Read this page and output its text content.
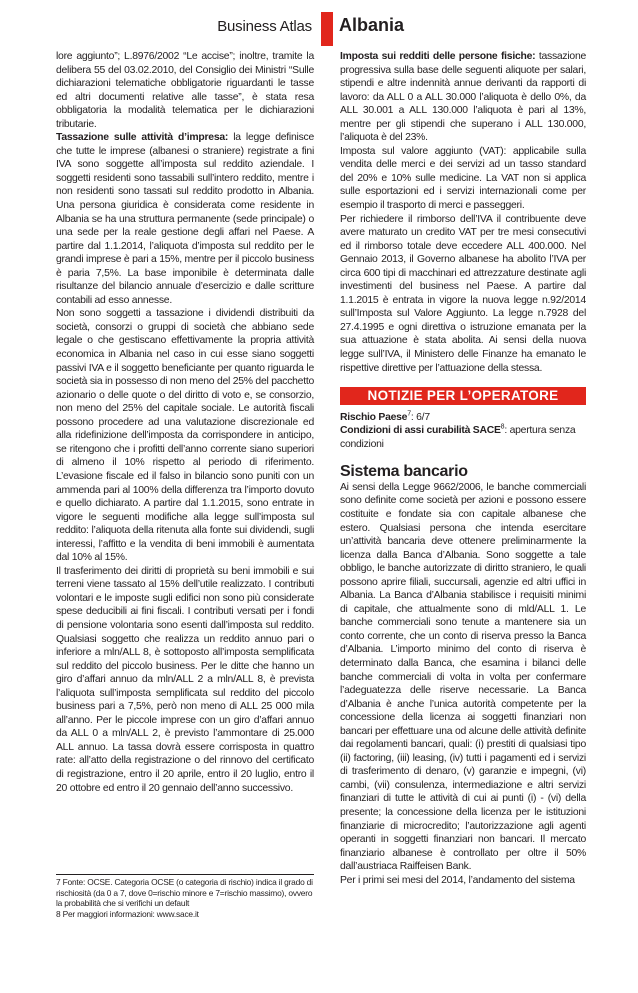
Business Atlas Albania

lore aggiunto”; L.8976/2002 “Le accise”; inoltre, tramite la delibera 55 del 03.02.2010, del Consiglio dei Ministri “Sulle dichiarazioni telematiche obbligatorie riguardanti le tasse ed altri documenti relative alle tasse”, è stata resa obbligatoria la modalità telematica per le dichiarazioni tributarie.

Tassazione sulle attività d’impresa: la legge definisce che tutte le imprese (albanesi o straniere) registrate a fini IVA sono soggette all’imposta sul reddito aziendale. I soggetti residenti sono tassabili sull’intero reddito, mentre i non residenti sono tassati sul reddito prodotto in Albania. Una persona giuridica è considerata come residente in Albania se ha una struttura permanente (sede principale) o una sede per la reale gestione degli affari nel Paese. A partire dal 1.1.2014, l’aliquota d’imposta sul reddito per le grandi imprese è pari a 15%, mentre per il piccolo business è paria 7,5%. La base imponibile è determinata dalle risultanze del bilancio annuale d’esercizio e dalle scritture contabili ad esso annesse.

Non sono soggetti a tassazione i dividendi distribuiti da società, consorzi o gruppi di società che abbiano sede legale o che gestiscano effettivamente la propria attività economica in Albania nel caso in cui esse siano soggetti passivi IVA e il soggetto beneficiante per quanto riguarda le società sia in possesso di non meno del 25% del pacchetto azionario o delle quote o del diritto di voto e, se consorzio, non meno del 25% del capitale sociale. Le autorità fiscali possono procedere ad una valutazione discrezionale ed alla ridefinizione dell’imposta da corrispondere in anticipo, se ritengono che i profitti dell’anno corrente siano superiori di almeno il 10% rispetto al periodo di riferimento. L’evasione fiscale ed il falso in bilancio sono puniti con un ammenda pari al 100% della differenza tra l’importo dovuto e quello dichiarato. A partire dal 1.1.2015, sono entrate in vigore le seguenti modifiche alla legge sull’imposta sul reddito: l’aliquota della ritenuta alla fonte sui dividendi, sugli interessi, l’affitto e la vendita di beni immobili è aumentata dal 10% al 15%.

Il trasferimento dei diritti di proprietà su beni immobili e sui terreni viene tassato al 15% dell’utile realizzato. I contributi volontari e le imposte sugli edifici non sono più considerate spese deducibili ai fini fiscali. I contributi versati per i fondi di pensione volontaria sono esenti dall’imposta sul reddito. Qualsiasi soggetto che realizza un reddito annuo pari o inferiore a mln/ALL 8, è sottoposto all’imposta semplificata sul reddito del piccolo business. Per le ditte che hanno un giro d’affari annuo da mln/ALL 2 a mln/ALL 8, è prevista l’aliquota sull’imposta semplificata sul reddito del piccolo business pari a 7,5%, però non meno di ALL 25 000 mila all’anno. Per le piccole imprese con un giro d’affari annuo da ALL 0 a mln/ALL 2, è previsto l’ammontare di 25.000 ALL annuo. La tassa dovrà essere corrisposta in quattro rate: all’atto della registrazione o del rinnovo del certificato di registrazione, entro il 20 aprile, entro il 20 luglio, entro il 20 ottobre ed entro il 20 gennaio dell’anno successivo.

7 Fonte: OCSE. Categoria OCSE (o categoria di rischio) indica il grado di rischiosità (da 0 a 7, dove 0=rischio minore e 7=rischio massimo), ovvero la probabilità che si verifichi un default

8 Per maggiori informazioni: www.sace.it

Imposta sui redditi delle persone fisiche: tassazione progressiva sulla base delle seguenti aliquote per salari, stipendi e altre indennità annue derivanti da rapporti di lavoro: da ALL 0 a ALL 30.000 l’aliquota è dello 0%, da ALL 30.001 a ALL 130.000 l’aliquota è pari al 13%, mentre per gli stipendi che superano i ALL 130.000, l’aliquota è del 23%.

Imposta sul valore aggiunto (VAT): applicabile sulla vendita delle merci e dei servizi ad un tasso standard del 20% e 10% sulle medicine. La VAT non si applica sulle esportazioni ed i servizi internazionali come per esempio il trasporto di merci e passeggeri.

Per richiedere il rimborso dell’IVA il contribuente deve avere maturato un credito VAT per tre mesi consecutivi ed il rimborso totale deve eccedere ALL 400.000. Nel Gennaio 2013, il Governo albanese ha abolito l’IVA per circa 600 tipi di macchinari ed attrezzature destinate agli investimenti del business nel Paese. A partire dal 1.1.2015 è entrata in vigore la nuova legge n.92/2014 sull’Imposta sul Valore Aggiunto. La legge n.7928 del 27.4.1995 e ogni direttiva o istruzione emanata per la sua attuazione è stata abolita. Ai sensi della nuova legge sull’IVA, il Ministero delle Finanze ha emanato le rispettive direttive per l’attuazione della stessa.

NOTIZIE PER L’OPERATORE

Rischio Paese$^7$: 6/7

Condizioni di assi curabilità SACE$^8$: apertura senza condizioni

Sistema bancario

Ai sensi della Legge 9662/2006, le banche commerciali sono definite come società per azioni e possono essere costituite e fondate sia con capitale albanese che estero. Qualsiasi persona che intenda esercitare un’attività bancaria deve ottenere preliminarmente la licenza dalla Banca d’Albania. Sono soggette a tale obbligo, le banche autorizzate di diritto straniero, le quali possono aprire filiali, succursali, agenzie ed altri uffici in Albania. La Banca d’Albania stabilisce i requisiti minimi di capitale, che attualmente sono di mld/ALL 1. Le banche commerciali sono tenute a mantenere sia un conto corrente, che un conto di riserva presso la Banca d’Albania. L’importo minimo del conto di riserva è determinato dalla Banca, che esamina i bilanci delle banche commerciali di volta in volta per confermare l’adeguatezza delle riserve necessarie. La Banca d’Albania è anche l’unica autorità competente per la concessione della licenza ai soggetti finanziari non bancari per effettuare una od alcune delle attività definite dai regolamenti bancari, quali: (i) prestiti di qualsiasi tipo (ii) factoring, (iii) leasing, (iv) tutti i pagamenti ed i servizi di trasferimento di denaro, (v) garanzie e impegni, (vi) cambi, (vii) consulenza, intermediazione e altri servizi finanziari di tutte le attività di cui ai punti (i) - (vi) della presente; la concessione della licenza per le istituzioni finanziarie di microcredito; l’autorizzazione agli agenti operanti in soggetti finanziari non bancari. Il mercato finanziario albanese è controllato per oltre il 50% dall’austriaca Raiffeisen Bank.

Per i primi sei mesi del 2014, l’andamento del sistema
